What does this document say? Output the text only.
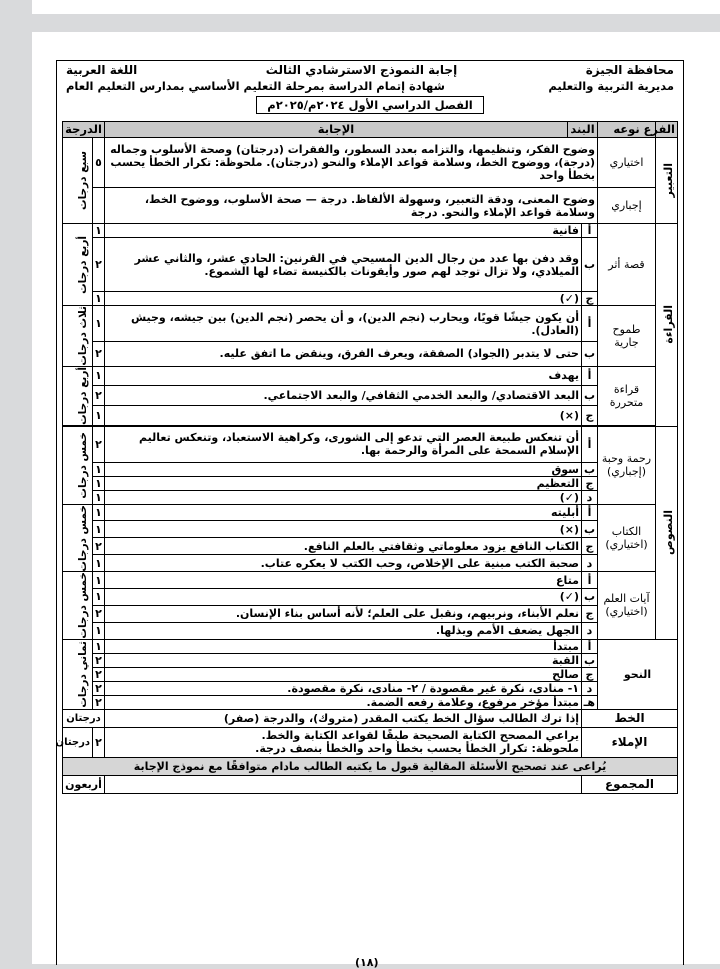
محافظة الجيزة
إجابة النموذج الاسترشادي الثالث
اللغة العربية
مديرية التربية والتعليم
شهادة إتمام الدراسة بمرحلة التعليم الأساسي بمدارس التعليم العام
الفصل الدراسي الأول ٢٠٢٤م/٢٠٢٥م
الفرع	نوعه	البند		الإجابة	الدرجة	

التعبير	اختياري	وضوح الفكر، وتنظيمها، والتزامه بعدد السطور، والفقرات (درجتان) وصحة الأسلوب وجماله (درجة)، ووضوح الخط، وسلامة قواعد الإملاء والنحو (درجتان). ملحوظة: تكرار الخطأ يحسب بخطأ واحد			٥	سبع درجات

	إجباري	وضوح المعنى، ودقة التعبير، وسهولة الألفاظ. درجة — صحة الأسلوب، ووضوح الخط، وسلامة قواعد الإملاء والنحو. درجة				

القراءة	قصة أثر	أ	فانية		١	أربع درجات

		ب	وقد دفن بها عدد من رجال الدين المسيحي في القرنين: الحادي عشر، والثاني عشر الميلادي، ولا تزال توجد لهم صور وأيقونات بالكنيسة تضاء لها الشموع.		٢	
		ج	(✓)		١	
	طموح جارية	أ	أن يكون جيشًا قويًا، ويحارب (نجم الدين)، و أن يحصر (نجم الدين) بين جيشه، وجيش (العادل).		١	ثلاث درجات

		ب	حتى لا يتدبر (الجواد) الصفقة، ويعرف الفرق، وينقض ما اتفق عليه.		٢	
	قراءة متحررة	أ	يهدف		١	أربع درجات

		ب	البعد الاقتصادي/ والبعد الخدمي الثقافي/ والبعد الاجتماعي.		٢	
		ج	(×)		١	

النصوص	رحمة وحبة (إجباري)	أ	أن تنعكس طبيعة العصر التي تدعو إلى الشورى، وكراهية الاستعباد، وتنعكس تعاليم الإسلام السمحة على المرأة والرحمة بها.		٢	خمس درجات

		ب	سوق		١	
		ج	التعظيم		١	
		د	(✓)		١	
	الكتاب (اختياري)	أ	أبليته		١	خمس درجات

		ب	(×)		١	
		ج	الكتاب النافع يزود معلوماتي وثقافتي بالعلم النافع.		٢	
		د	صحبة الكتب مبنية على الإخلاص، وحب الكتب لا يعكره عتاب.		١	
	آيات العلم (اختياري)	أ	متاع		١	خمس درجات

		ب	(✓)		١	
		ج	نعلم الأبناء، ونربيهم، ونقبل على العلم؛ لأنه أساس بناء الإنسان.		٢	
		د	الجهل يضعف الأمم ويذلها.		١	
النحو		أ	مبتدأ		١	ثماني درجات

		ب	القبة		٢	
		ج	صالح		٢	
		د	١- منادى، نكرة غير مقصودة / ٢- منادى، نكرة مقصودة.		٢	
		هـ	مبتدأ مؤخر مرفوع، وعلامة رفعه الضمة.		٢	
الخط			إذا ترك الطالب سؤال الخط يكتب المقدر (متروك)، والدرجة (صفر)		درجتان	
الإملاء			يراعي المصحح الكتابة الصحيحة طبقًا لقواعد الكتابة والخط.
ملحوظة: تكرار الخطأ يحسب بخطأ واحد والخطأ بنصف درجة.		٢	درجتان
يُراعى عند تصحيح الأسئلة المقالية قبول ما يكتبه الطالب مادام متوافقًا مع نموذج الإجابة						
المجموع					أربعون	
(١٨)
